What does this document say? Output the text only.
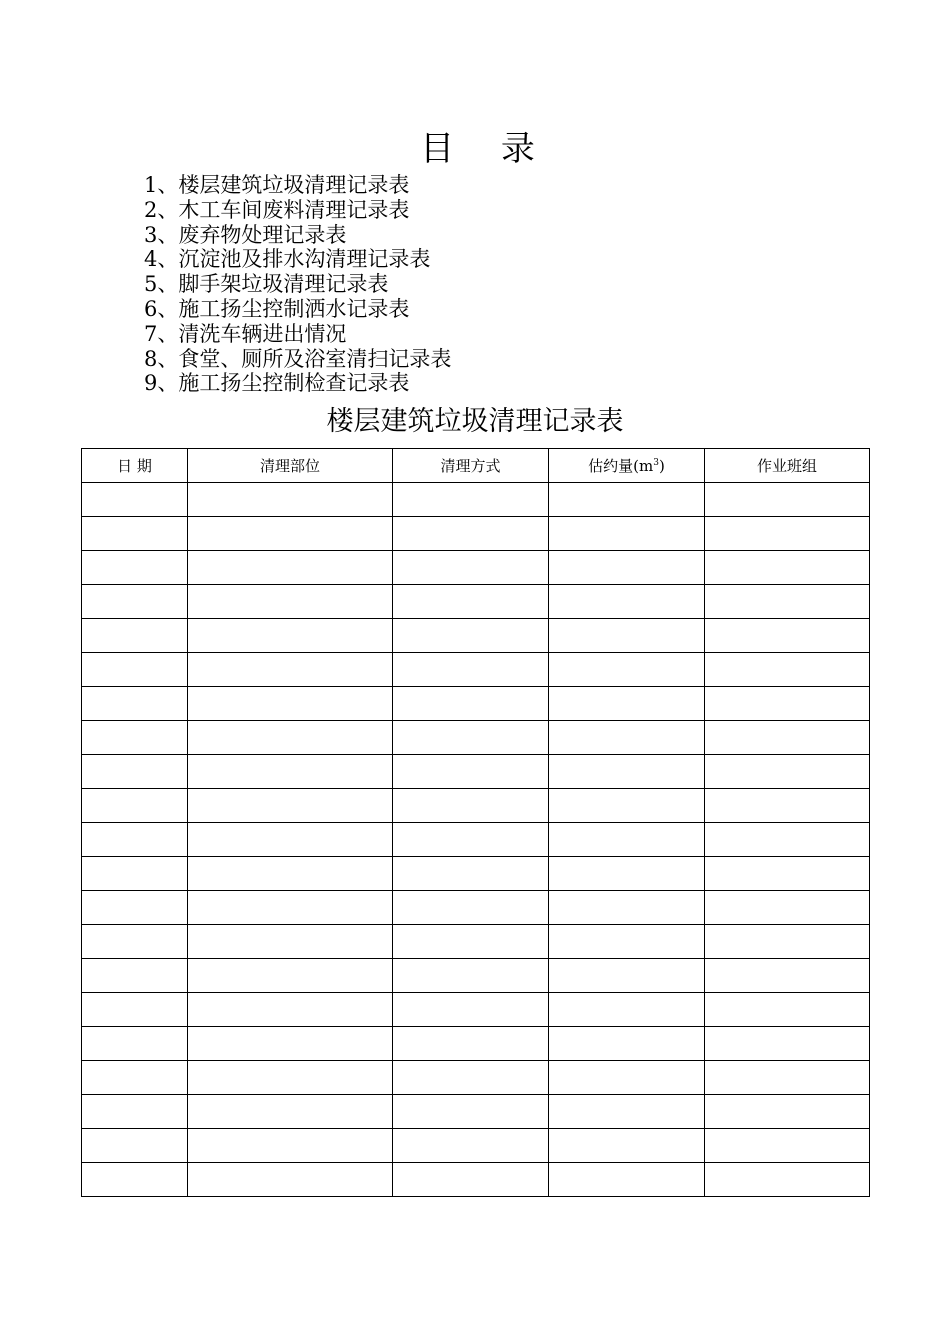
目 录
1、楼层建筑垃圾清理记录表
2、木工车间废料清理记录表
3、废弃物处理记录表
4、沉淀池及排水沟清理记录表
5、脚手架垃圾清理记录表
6、施工扬尘控制洒水记录表
7、清洗车辆进出情况
8、食堂、厕所及浴室清扫记录表
9、施工扬尘控制检查记录表
楼层建筑垃圾清理记录表
日 期	清理部位	清理方式	估约量$(m^3)$	作业班组
